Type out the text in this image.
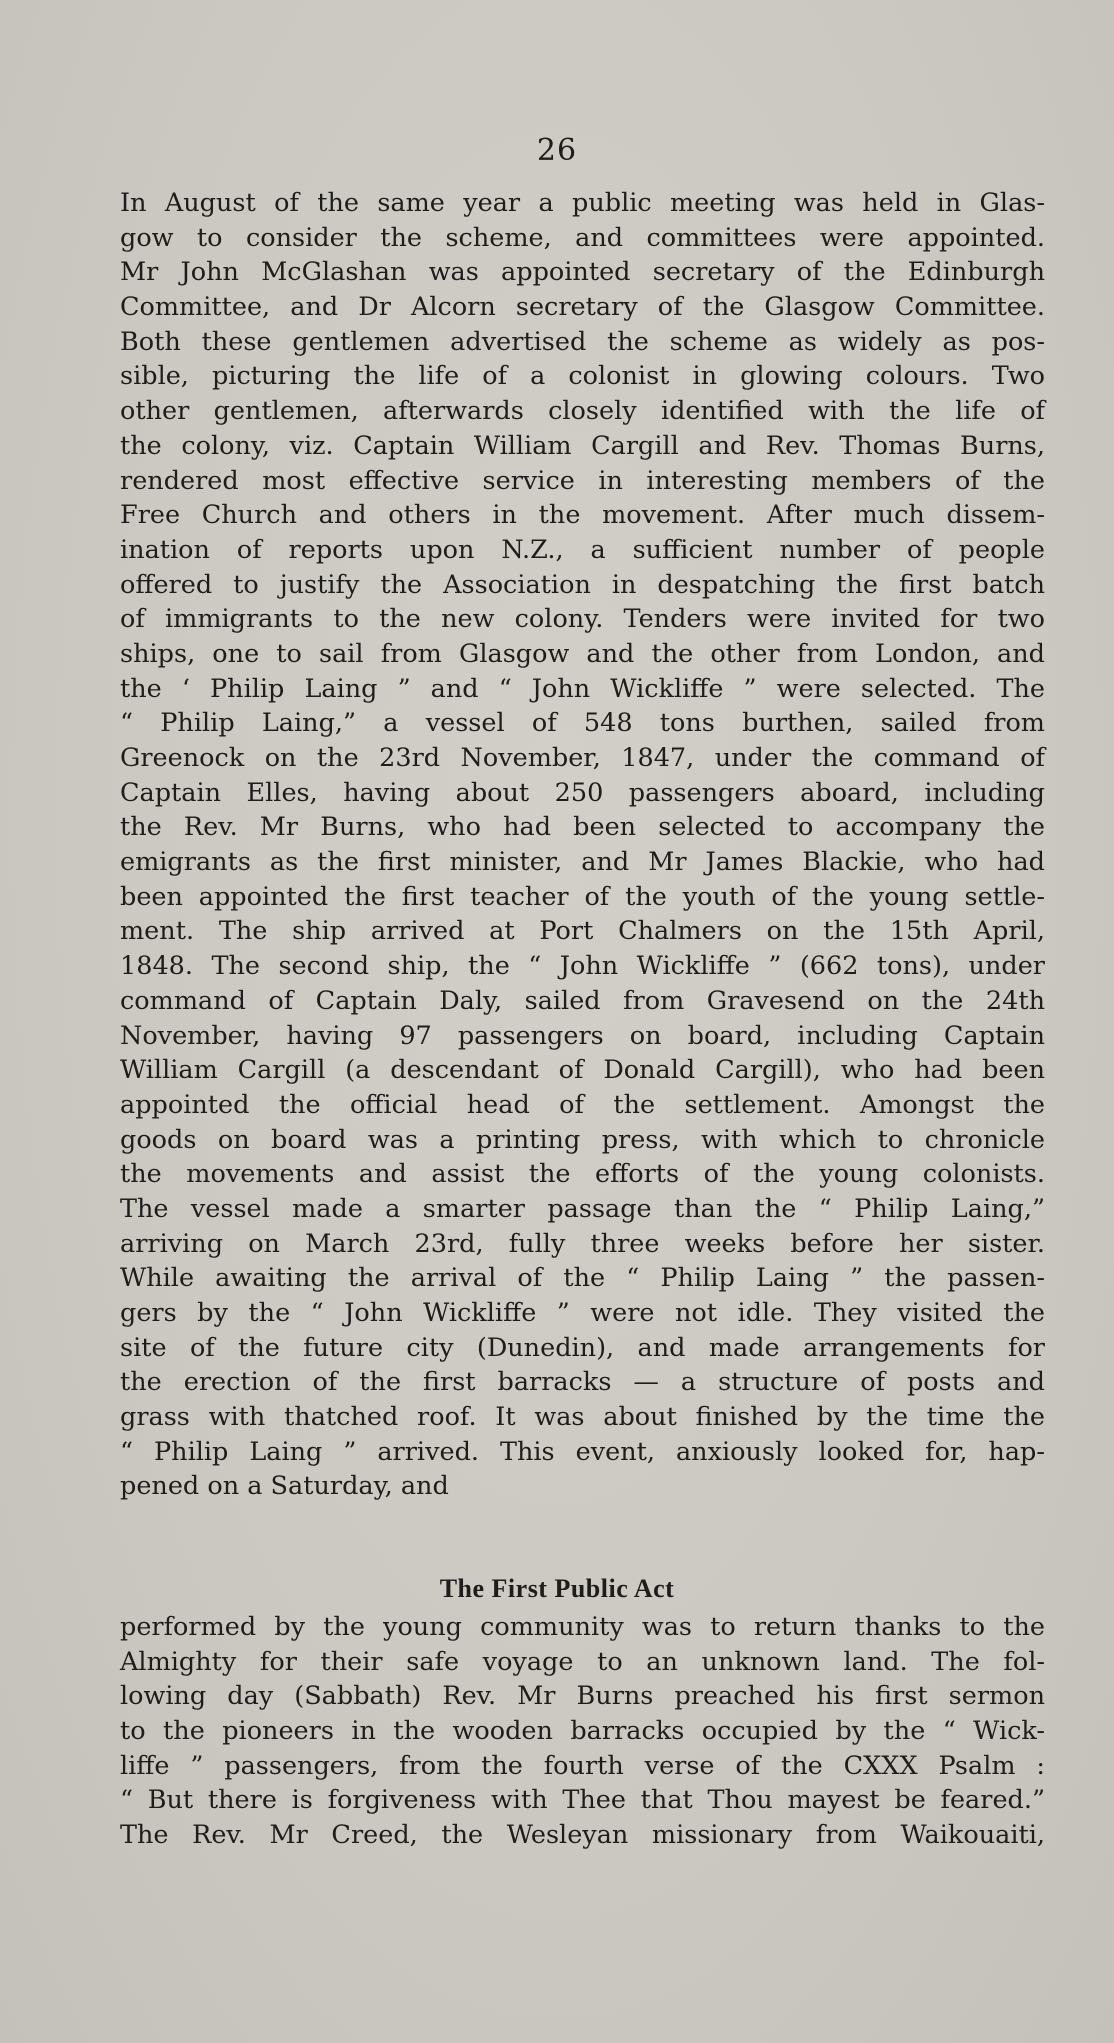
26
In August of the same year a public meeting was held in Glas-
gow to consider the scheme, and committees were appointed.
Mr John McGlashan was appointed secretary of the Edinburgh
Committee, and Dr Alcorn secretary of the Glasgow Committee.
Both these gentlemen advertised the scheme as widely as pos-
sible, picturing the life of a colonist in glowing colours. Two
other gentlemen, afterwards closely identified with the life of
the colony, viz. Captain William Cargill and Rev. Thomas Burns,
rendered most effective service in interesting members of the
Free Church and others in the movement. After much dissem-
ination of reports upon N.Z., a sufficient number of people
offered to justify the Association in despatching the first batch
of immigrants to the new colony. Tenders were invited for two
ships, one to sail from Glasgow and the other from London, and
the ‘ Philip Laing ” and “ John Wickliffe ” were selected. The
“ Philip Laing,” a vessel of 548 tons burthen, sailed from
Greenock on the 23rd November, 1847, under the command of
Captain Elles, having about 250 passengers aboard, including
the Rev. Mr Burns, who had been selected to accompany the
emigrants as the first minister, and Mr James Blackie, who had
been appointed the first teacher of the youth of the young settle-
ment. The ship arrived at Port Chalmers on the 15th April,
1848. The second ship, the “ John Wickliffe ” (662 tons), under
command of Captain Daly, sailed from Gravesend on the 24th
November, having 97 passengers on board, including Captain
William Cargill (a descendant of Donald Cargill), who had been
appointed the official head of the settlement. Amongst the
goods on board was a printing press, with which to chronicle
the movements and assist the efforts of the young colonists.
The vessel made a smarter passage than the “ Philip Laing,”
arriving on March 23rd, fully three weeks before her sister.
While awaiting the arrival of the “ Philip Laing ” the passen-
gers by the “ John Wickliffe ” were not idle. They visited the
site of the future city (Dunedin), and made arrangements for
the erection of the first barracks — a structure of posts and
grass with thatched roof. It was about finished by the time the
“ Philip Laing ” arrived. This event, anxiously looked for, hap-
pened on a Saturday, and
The First Public Act
performed by the young community was to return thanks to the
Almighty for their safe voyage to an unknown land. The fol-
lowing day (Sabbath) Rev. Mr Burns preached his first sermon
to the pioneers in the wooden barracks occupied by the “ Wick-
liffe ” passengers, from the fourth verse of the CXXX Psalm :
“ But there is forgiveness with Thee that Thou mayest be feared.”
The Rev. Mr Creed, the Wesleyan missionary from Waikouaiti,
